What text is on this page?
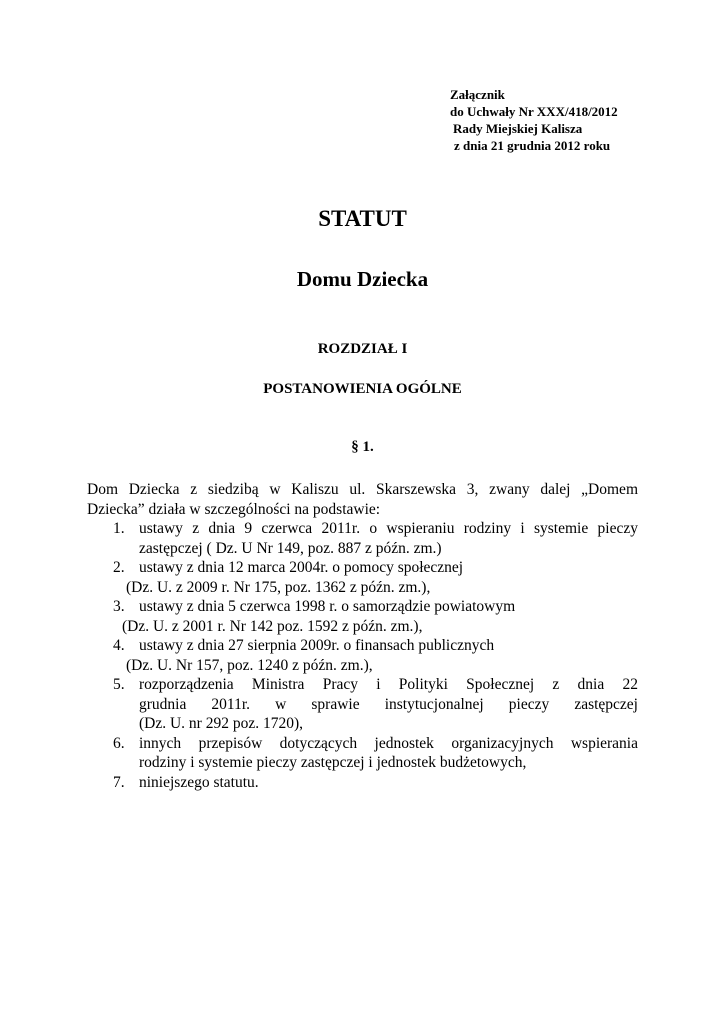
Załącznik
do Uchwały Nr XXX/418/2012
Rady Miejskiej Kalisza
z dnia 21 grudnia 2012 roku
STATUT
Domu Dziecka
ROZDZIAŁ I
POSTANOWIENIA OGÓLNE
§ 1.

Dom Dziecka z siedzibą w Kaliszu ul. Skarszewska 3, zwany dalej „Domem
Dziecka” działa w szczególności na podstawie:

1. ustawy z dnia 9 czerwca 2011r. o wspieraniu rodziny i systemie pieczy
zastępczej ( Dz. U Nr 149, poz. 887 z późn. zm.)
2. ustawy z dnia 12 marca 2004r. o pomocy społecznej
(Dz. U. z 2009 r. Nr 175, poz. 1362 z późn. zm.),
3. ustawy z dnia 5 czerwca 1998 r. o samorządzie powiatowym
(Dz. U. z 2001 r. Nr 142 poz. 1592 z późn. zm.),
4. ustawy z dnia 27 sierpnia 2009r. o finansach publicznych
(Dz. U. Nr 157, poz. 1240 z późn. zm.),
5. rozporządzenia Ministra Pracy i Polityki Społecznej z dnia 22
grudnia 2011r. w sprawie instytucjonalnej pieczy zastępczej
(Dz. U. nr 292 poz. 1720),
6. innych przepisów dotyczących jednostek organizacyjnych wspierania
rodziny i systemie pieczy zastępczej i jednostek budżetowych,
7. niniejszego statutu.
